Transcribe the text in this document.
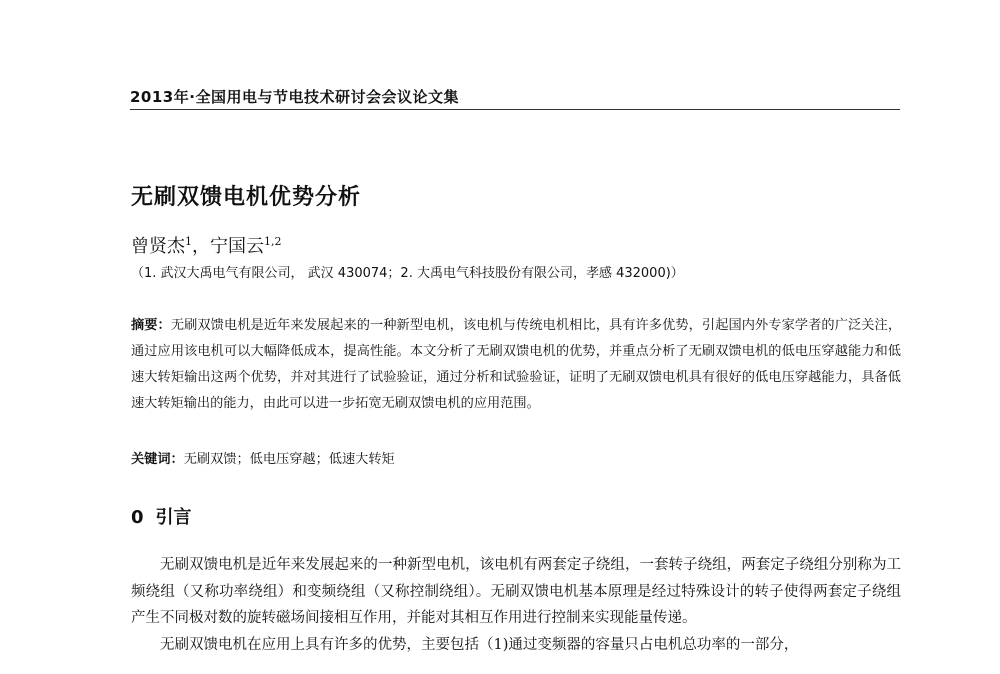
2013年·全国用电与节电技术研讨会会议论文集
无刷双馈电机优势分析
曾贤杰$^1$，宁国云$^{1,2}$
（1. 武汉大禹电气有限公司， 武汉 430074；2. 大禹电气科技股份有限公司，孝感 432000)）
摘要：无刷双馈电机是近年来发展起来的一种新型电机，该电机与传统电机相比，具有许多优势，引起国内外专家学者的广泛关注，通过应用该电机可以大幅降低成本，提高性能。本文分析了无刷双馈电机的优势，并重点分析了无刷双馈电机的低电压穿越能力和低速大转矩输出这两个优势，并对其进行了试验验证，通过分析和试验验证，证明了无刷双馈电机具有很好的低电压穿越能力，具备低速大转矩输出的能力，由此可以进一步拓宽无刷双馈电机的应用范围。
关键词：无刷双馈；低电压穿越；低速大转矩
0 引言

无刷双馈电机是近年来发展起来的一种新型电机，该电机有两套定子绕组，一套转子绕组，两套定子绕组分别称为工频绕组（又称功率绕组）和变频绕组（又称控制绕组）。无刷双馈电机基本原理是经过特殊设计的转子使得两套定子绕组产生不同极对数的旋转磁场间接相互作用，并能对其相互作用进行控制来实现能量传递。

无刷双馈电机在应用上具有许多的优势，主要包括（1)通过变频器的容量只占电机总功率的一部分，
